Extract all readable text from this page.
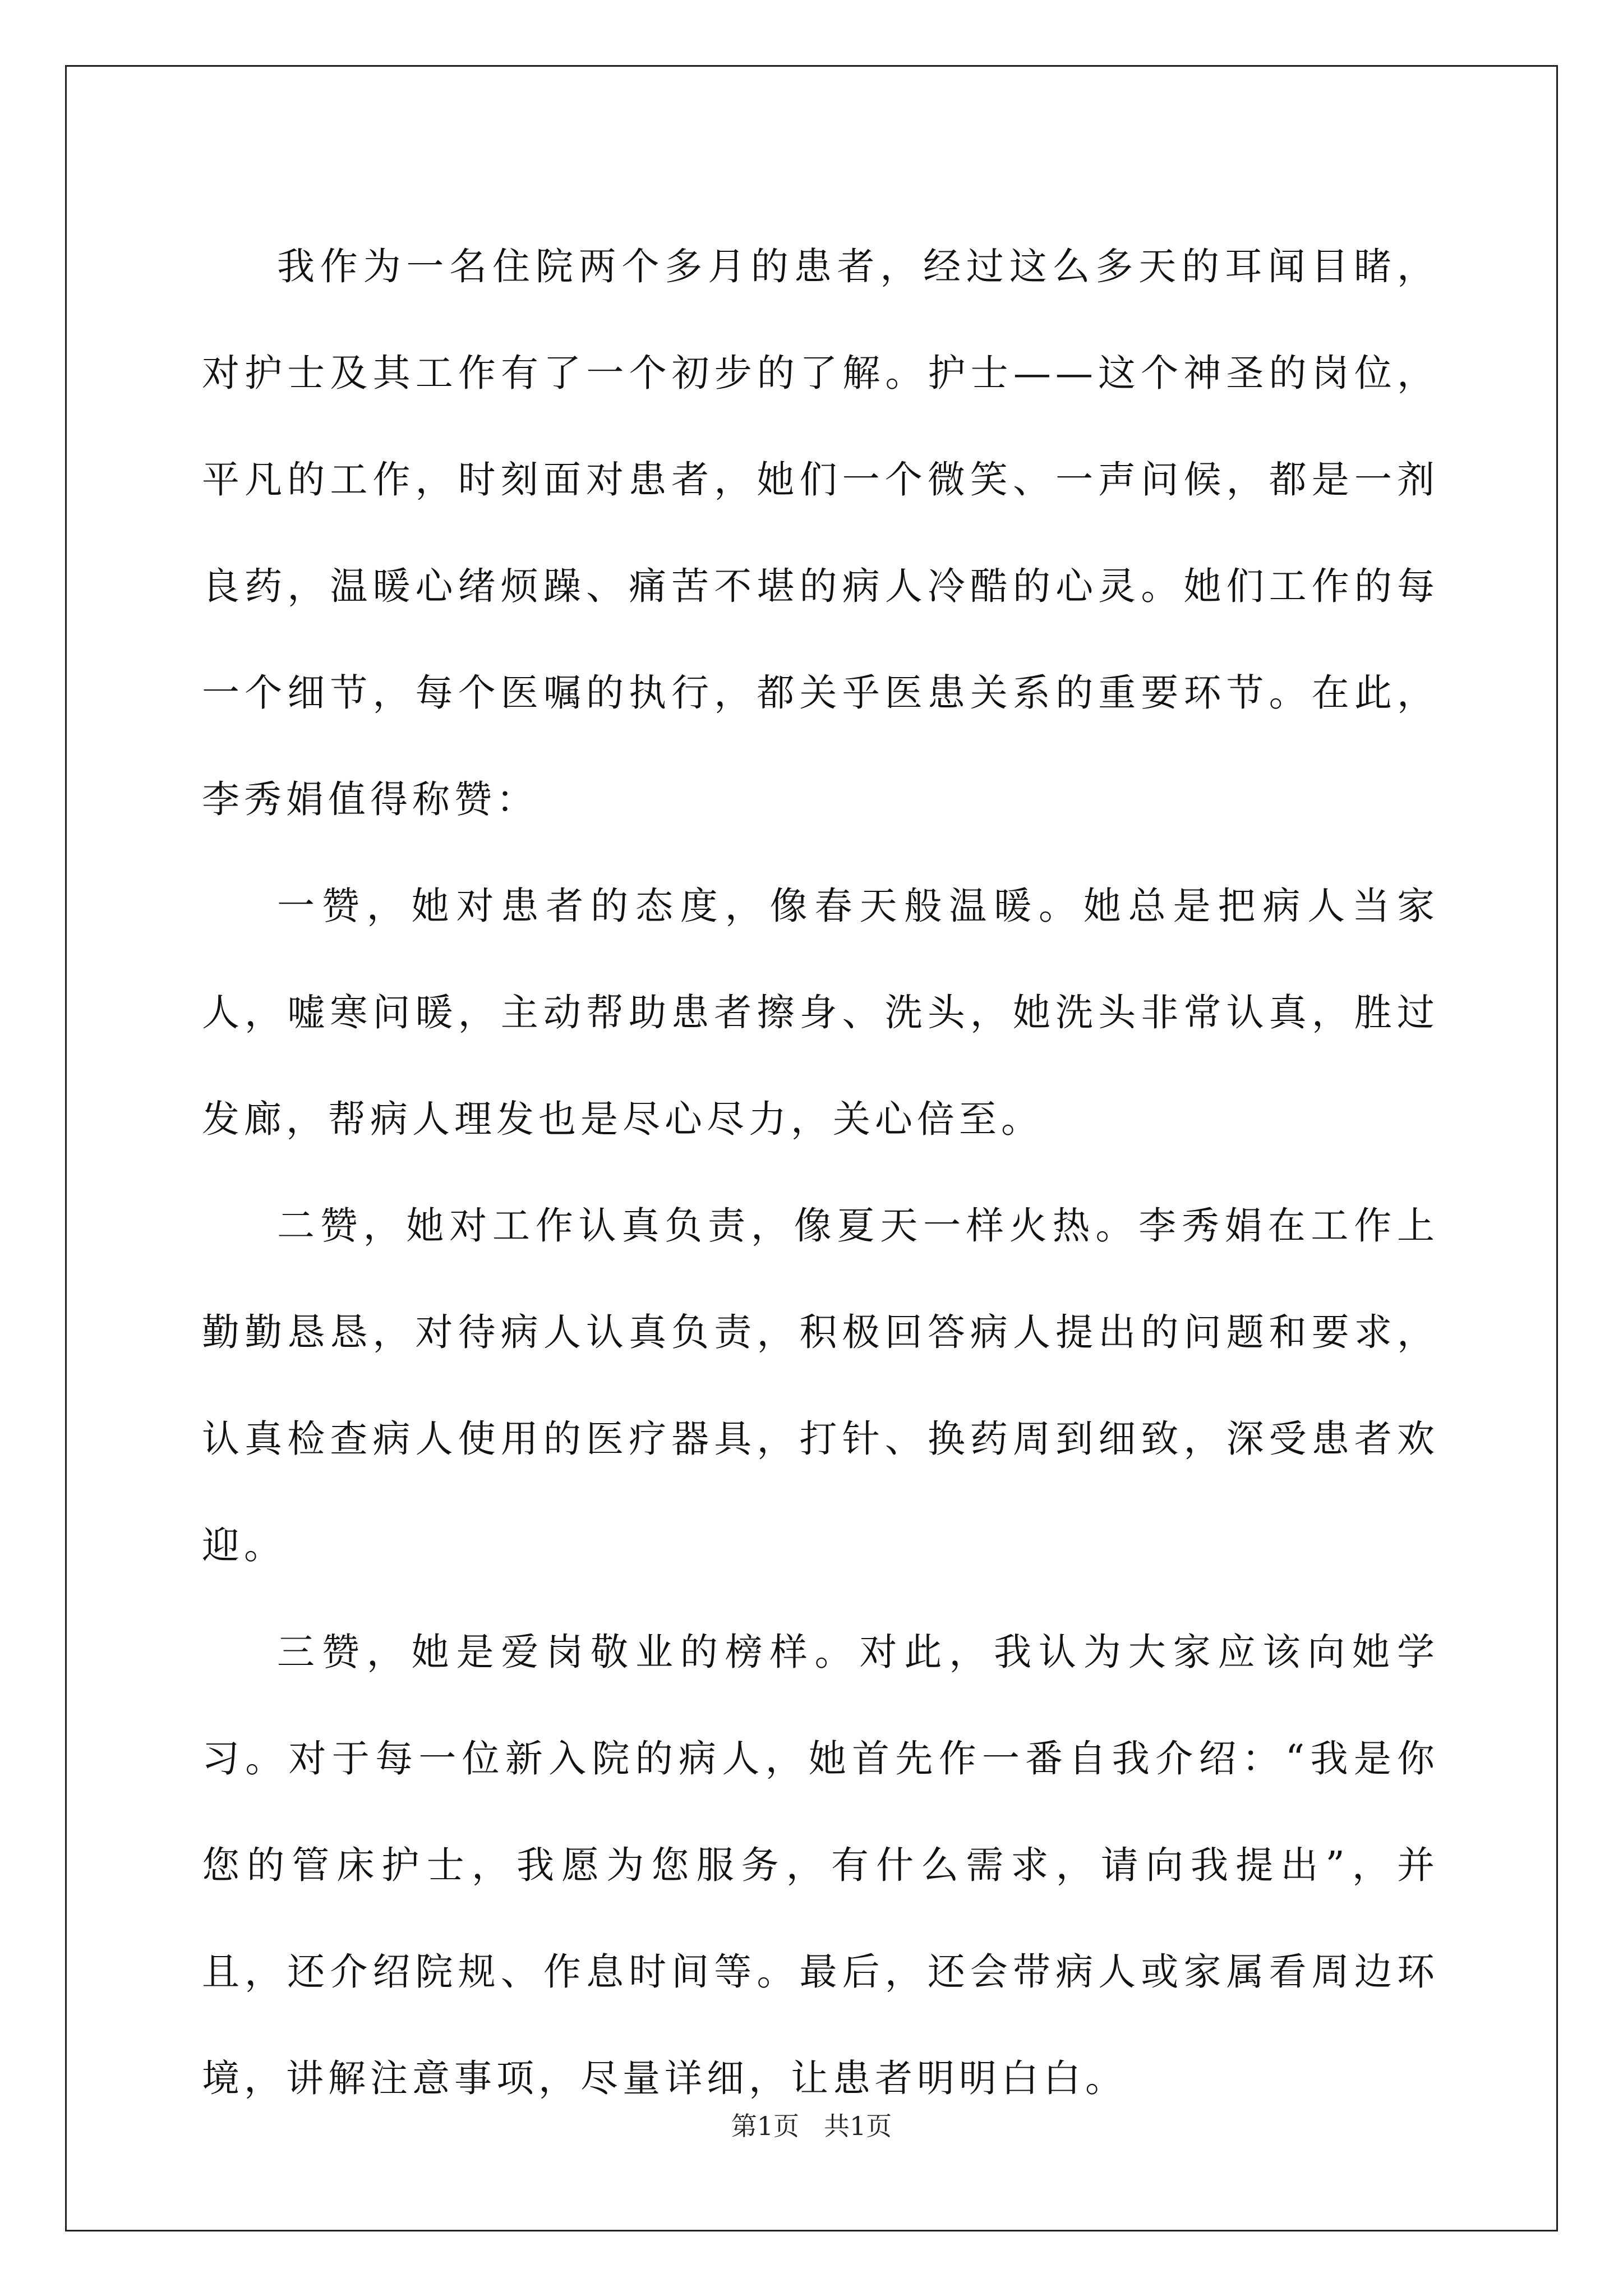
我作为一名住院两个多月的患者，经过这么多天的耳闻目睹，对护士及其工作有了一个初步的了解。护士——这个神圣的岗位，平凡的工作，时刻面对患者，她们一个微笑、一声问候，都是一剂良药，温暖心绪烦躁、痛苦不堪的病人冷酷的心灵。她们工作的每一个细节，每个医嘱的执行，都关乎医患关系的重要环节。在此，李秀娟值得称赞：

一赞，她对患者的态度，像春天般温暖。她总是把病人当家人，嘘寒问暖，主动帮助患者擦身、洗头，她洗头非常认真，胜过发廊，帮病人理发也是尽心尽力，关心倍至。

二赞，她对工作认真负责，像夏天一样火热。李秀娟在工作上勤勤恳恳，对待病人认真负责，积极回答病人提出的问题和要求，认真检查病人使用的医疗器具，打针、换药周到细致，深受患者欢迎。

三赞，她是爱岗敬业的榜样。对此，我认为大家应该向她学习。对于每一位新入院的病人，她首先作一番自我介绍：“我是你您的管床护士，我愿为您服务，有什么需求，请向我提出”，并且，还介绍院规、作息时间等。最后，还会带病人或家属看周边环境，讲解注意事项，尽量详细，让患者明明白白。

第1页 共1页
